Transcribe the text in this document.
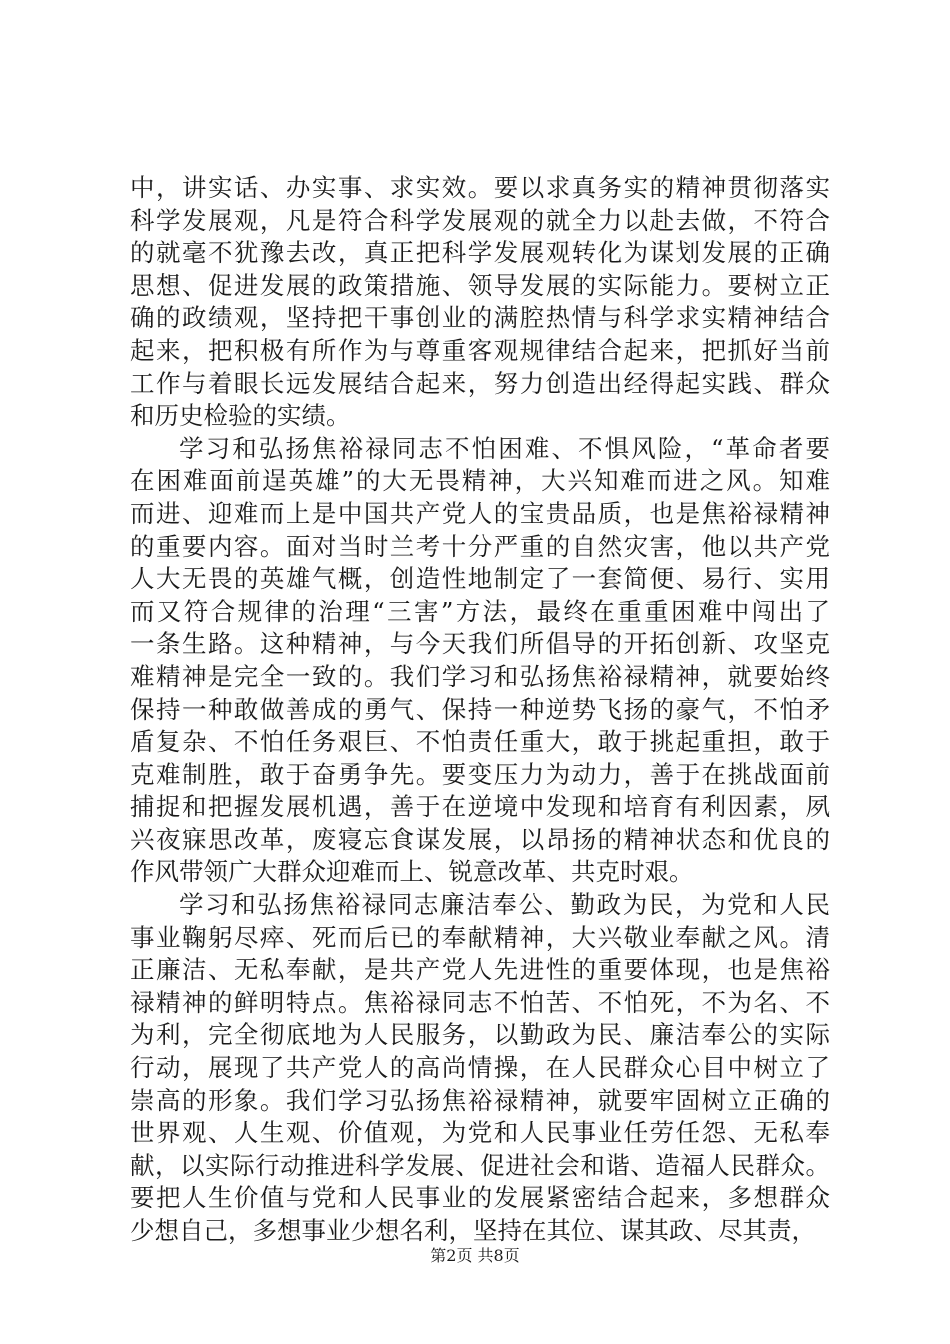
中，讲实话、办实事、求实效。要以求真务实的精神贯彻落实
科学发展观，凡是符合科学发展观的就全力以赴去做，不符合
的就毫不犹豫去改，真正把科学发展观转化为谋划发展的正确
思想、促进发展的政策措施、领导发展的实际能力。要树立正
确的政绩观，坚持把干事创业的满腔热情与科学求实精神结合
起来，把积极有所作为与尊重客观规律结合起来，把抓好当前
工作与着眼长远发展结合起来，努力创造出经得起实践、群众
和历史检验的实绩。

学习和弘扬焦裕禄同志不怕困难、不惧风险，“革命者要
在困难面前逞英雄”的大无畏精神，大兴知难而进之风。知难
而进、迎难而上是中国共产党人的宝贵品质，也是焦裕禄精神
的重要内容。面对当时兰考十分严重的自然灾害，他以共产党
人大无畏的英雄气概，创造性地制定了一套简便、易行、实用
而又符合规律的治理“三害”方法，最终在重重困难中闯出了
一条生路。这种精神，与今天我们所倡导的开拓创新、攻坚克
难精神是完全一致的。我们学习和弘扬焦裕禄精神，就要始终
保持一种敢做善成的勇气、保持一种逆势飞扬的豪气，不怕矛
盾复杂、不怕任务艰巨、不怕责任重大，敢于挑起重担，敢于
克难制胜，敢于奋勇争先。要变压力为动力，善于在挑战面前
捕捉和把握发展机遇，善于在逆境中发现和培育有利因素，夙
兴夜寐思改革，废寝忘食谋发展，以昂扬的精神状态和优良的
作风带领广大群众迎难而上、锐意改革、共克时艰。

学习和弘扬焦裕禄同志廉洁奉公、勤政为民，为党和人民
事业鞠躬尽瘁、死而后已的奉献精神，大兴敬业奉献之风。清
正廉洁、无私奉献，是共产党人先进性的重要体现，也是焦裕
禄精神的鲜明特点。焦裕禄同志不怕苦、不怕死，不为名、不
为利，完全彻底地为人民服务，以勤政为民、廉洁奉公的实际
行动，展现了共产党人的高尚情操，在人民群众心目中树立了
崇高的形象。我们学习弘扬焦裕禄精神，就要牢固树立正确的
世界观、人生观、价值观，为党和人民事业任劳任怨、无私奉
献，以实际行动推进科学发展、促进社会和谐、造福人民群众。
要把人生价值与党和人民事业的发展紧密结合起来，多想群众
少想自己，多想事业少想名利，坚持在其位、谋其政、尽其责，

第2页 共8页
